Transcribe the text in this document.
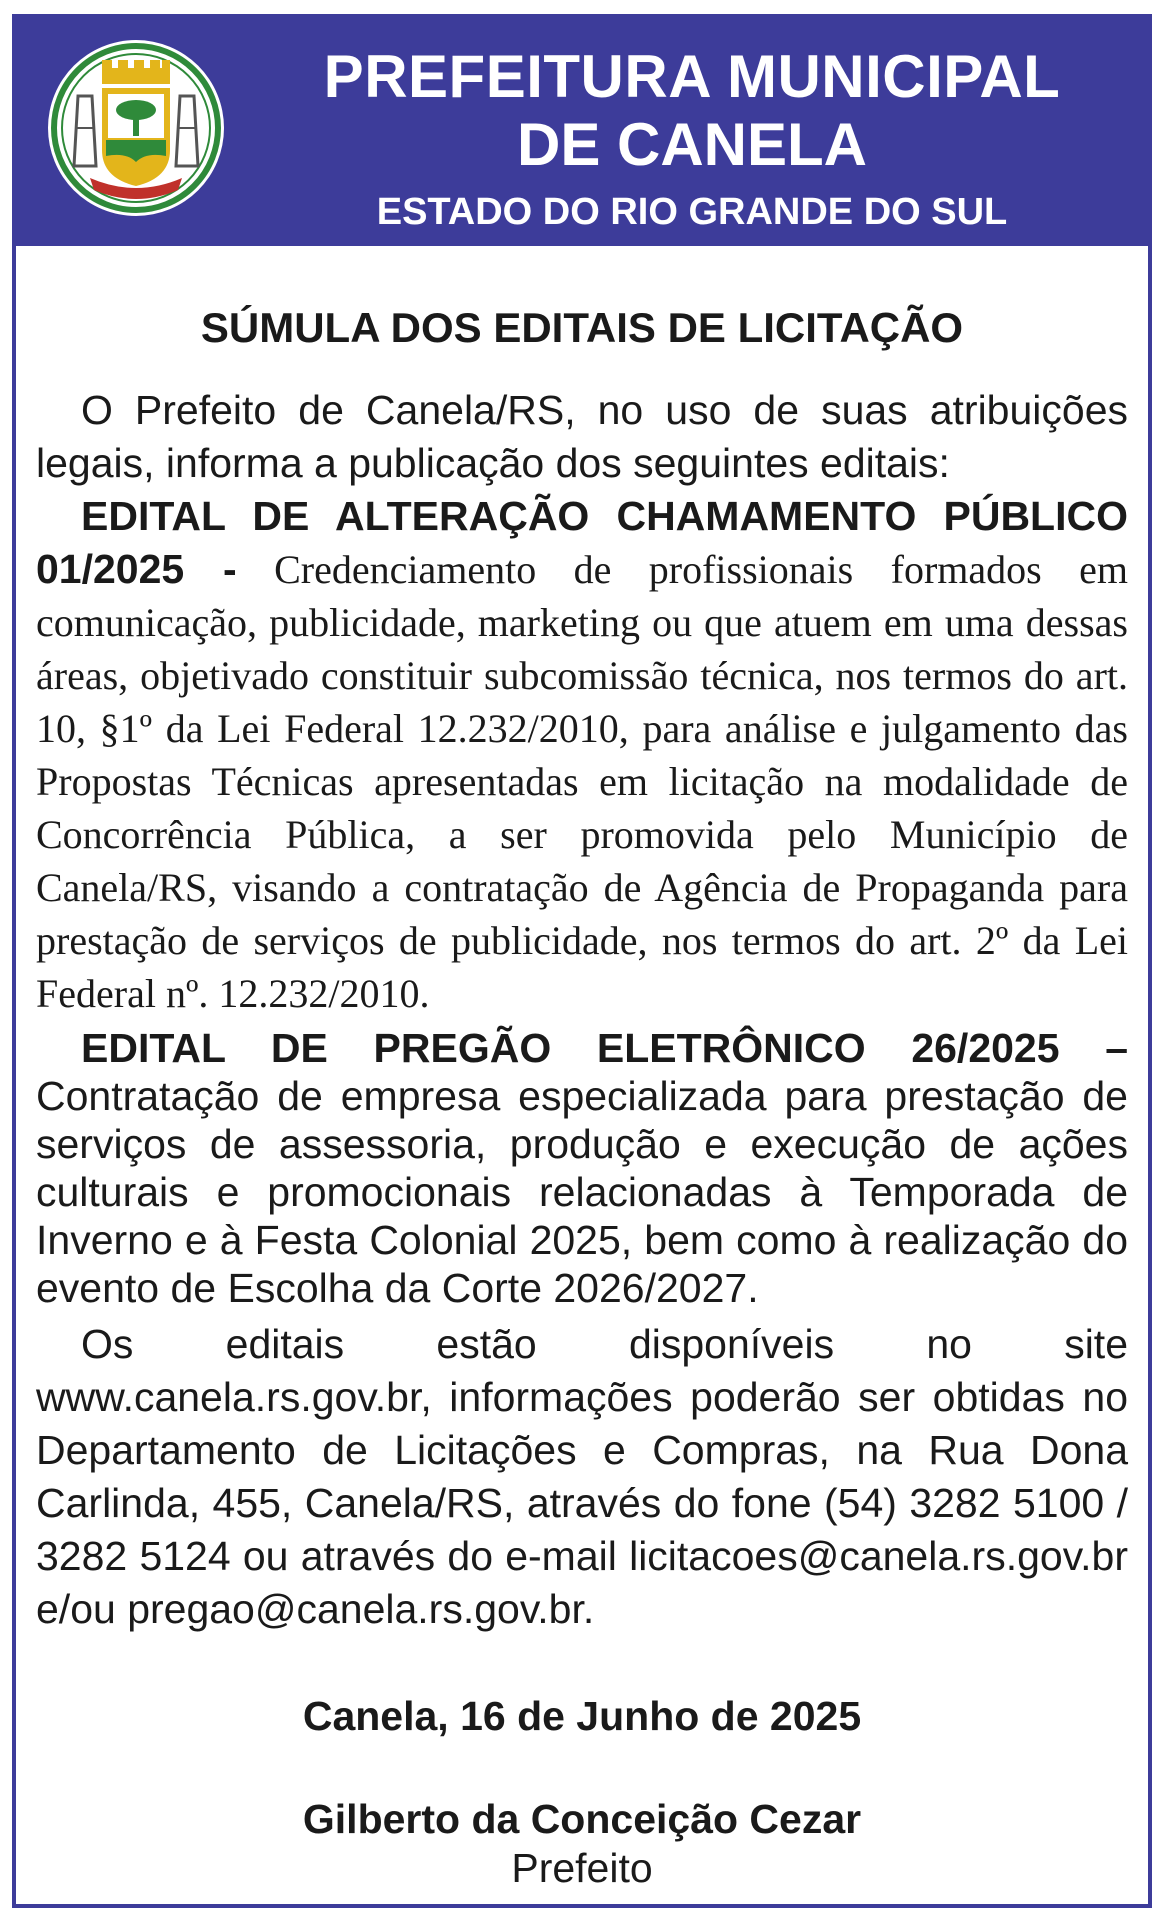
PREFEITURA MUNICIPAL
DE CANELA
ESTADO DO RIO GRANDE DO SUL
SÚMULA DOS EDITAIS DE LICITAÇÃO

O Prefeito de Canela/RS, no uso de suas atribuições legais, informa a publicação dos seguintes editais:

EDITAL DE ALTERAÇÃO CHAMAMENTO PÚBLICO 01/2025 - Credenciamento de profissionais formados em comunicação, publicidade, marketing ou que atuem em uma dessas áreas, objetivado constituir subcomissão técnica, nos termos do art. 10, §1º da Lei Federal 12.232/2010, para análise e julgamento das Propostas Técnicas apresentadas em licitação na modalidade de Concorrência Pública, a ser promovida pelo Município de Canela/RS, visando a contratação de Agência de Propaganda para prestação de serviços de publicidade, nos termos do art. 2º da Lei Federal nº. 12.232/2010.

EDITAL DE PREGÃO ELETRÔNICO 26/2025 – Contratação de empresa especializada para prestação de serviços de assessoria, produção e execução de ações culturais e promocionais relacionadas à Temporada de Inverno e à Festa Colonial 2025, bem como à realização do evento de Escolha da Corte 2026/2027.

Os editais estão disponíveis no site www.canela.rs.gov.br, informações poderão ser obtidas no Departamento de Licitações e Compras, na Rua Dona Carlinda, 455, Canela/RS, através do fone (54) 3282 5100 / 3282 5124 ou através do e-mail licitacoes@canela.rs.gov.br e/ou pregao@canela.rs.gov.br.

Canela, 16 de Junho de 2025
Gilberto da Conceição Cezar
Prefeito
